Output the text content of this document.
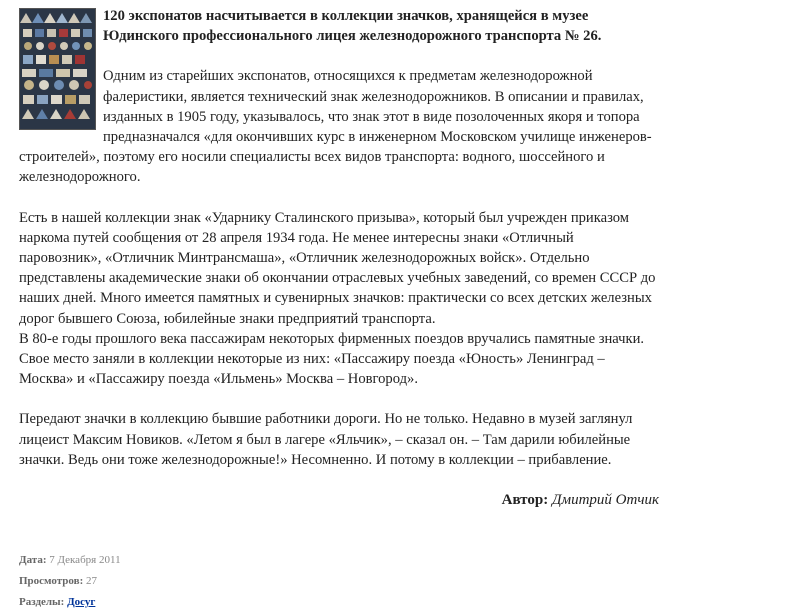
120 экспонатов насчитывается в коллекции значков, хранящейся в музее Юдинского профессионального лицея железнодорожного транспорта № 26.

Одним из старейших экспонатов, относящихся к предметам железнодорожной фалеристики, является технический знак железнодорожников. В описании и правилах, изданных в 1905 году, указывалось, что знак этот в виде позолоченных якоря и топора предназначался «для окончивших курс в инженерном Московском училище инженеров-строителей», поэтому его носили специалисты всех видов транспорта: водного, шоссейного и железнодорожного.

Есть в нашей коллекции знак «Ударнику Сталинского призыва», который был учрежден приказом наркома путей сообщения от 28 апреля 1934 года. Не менее интересны знаки «Отличный паровозник», «Отличник Минтрансмаша», «Отличник железнодорожных войск». Отдельно представлены академические знаки об окончании отраслевых учебных заведений, со времен СССР до наших дней. Много имеется памятных и сувенирных значков: практически со всех детских железных дорог бывшего Союза, юбилейные знаки предприятий транспорта.

В 80-е годы прошлого века пассажирам некоторых фирменных поездов вручались памятные значки. Свое место заняли в коллекции некоторые из них: «Пассажиру поезда «Юность» Ленинград – Москва» и «Пассажиру поезда «Ильмень» Москва – Новгород».

Передают значки в коллекцию бывшие работники дороги. Но не только. Недавно в музей заглянул лицеист Максим Новиков. «Летом я был в лагере «Яльчик», – сказал он. – Там дарили юбилейные значки. Ведь они тоже железнодорожные!» Несомненно. И потому в коллекции – прибавление.

Автор: Дмитрий Отчик

Дата: 7 Декабря 2011
Просмотров: 27
Разделы: Досуг
